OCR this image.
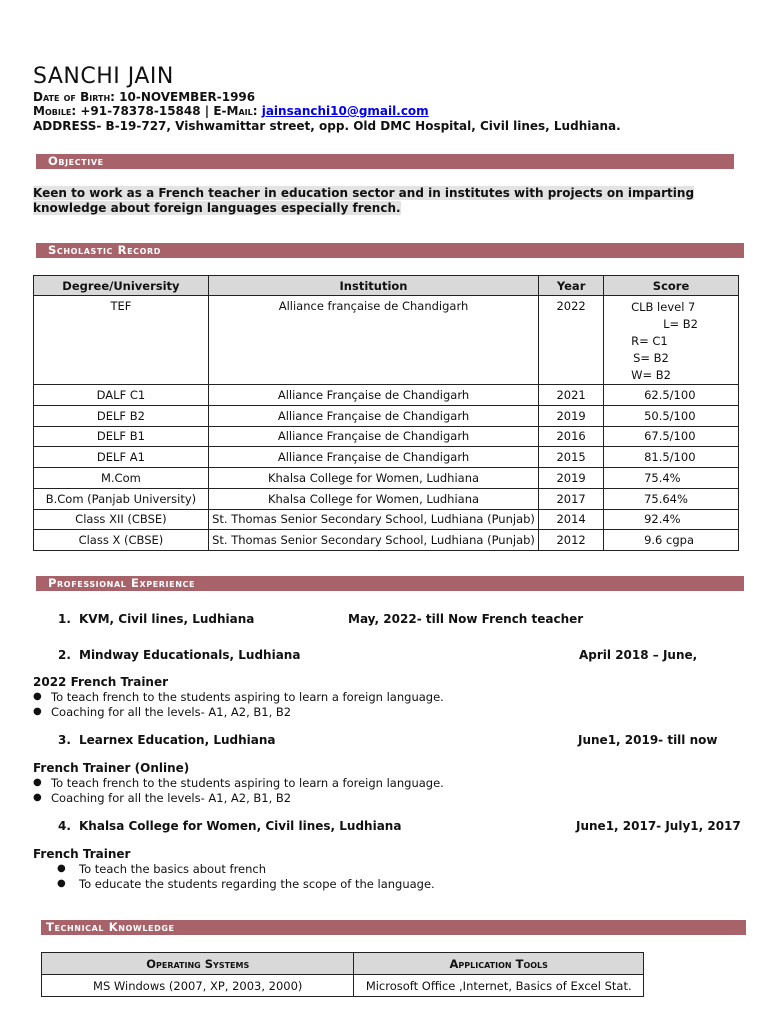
SANCHI JAIN
Date of Birth: 10-NOVEMBER-1996
Mobile: +91-78378-15848 | E-Mail: jainsanchi10@gmail.com
ADDRESS- B-19-727, Vishwamittar street, opp. Old DMC Hospital, Civil lines, Ludhiana.
Objective
Keen to work as a French teacher in education sector and in institutes with projects on imparting knowledge about foreign languages especially french.
Scholastic Record
Degree/University	Institution	Year	Score
TEF	Alliance française de Chandigarh	2022	CLB level 7
L= B2
R= C1
S= B2
W= B2

DALF C1	Alliance Française de Chandigarh	2021	62.5/100
DELF B2	Alliance Française de Chandigarh	2019	50.5/100
DELF B1	Alliance Française de Chandigarh	2016	67.5/100
DELF A1	Alliance Française de Chandigarh	2015	81.5/100
M.Com	Khalsa College for Women, Ludhiana	2019	75.4%
B.Com (Panjab University)	Khalsa College for Women, Ludhiana	2017	75.64%
Class XII (CBSE)	St. Thomas Senior Secondary School, Ludhiana (Punjab)	2014	92.4%
Class X (CBSE)	St. Thomas Senior Secondary School, Ludhiana (Punjab)	2012	9.6 cgpa
Professional Experience
1. KVM, Civil lines, Ludhiana	May, 2022- till Now French teacher
2. Mindway Educationals, Ludhiana	April 2018 – June,
2022 French Trainer
● To teach french to the students aspiring to learn a foreign language.
● Coaching for all the levels- A1, A2, B1, B2
3. Learnex Education, Ludhiana	June1, 2019- till now
French Trainer (Online)
● To teach french to the students aspiring to learn a foreign language.
● Coaching for all the levels- A1, A2, B1, B2
4. Khalsa College for Women, Civil lines, Ludhiana	June1, 2017- July1, 2017
French Trainer
● To teach the basics about french
● To educate the students regarding the scope of the language.
Technical Knowledge
Operating Systems	Application Tools
MS Windows (2007, XP, 2003, 2000)	Microsoft Office ,Internet, Basics of Excel Stat.
